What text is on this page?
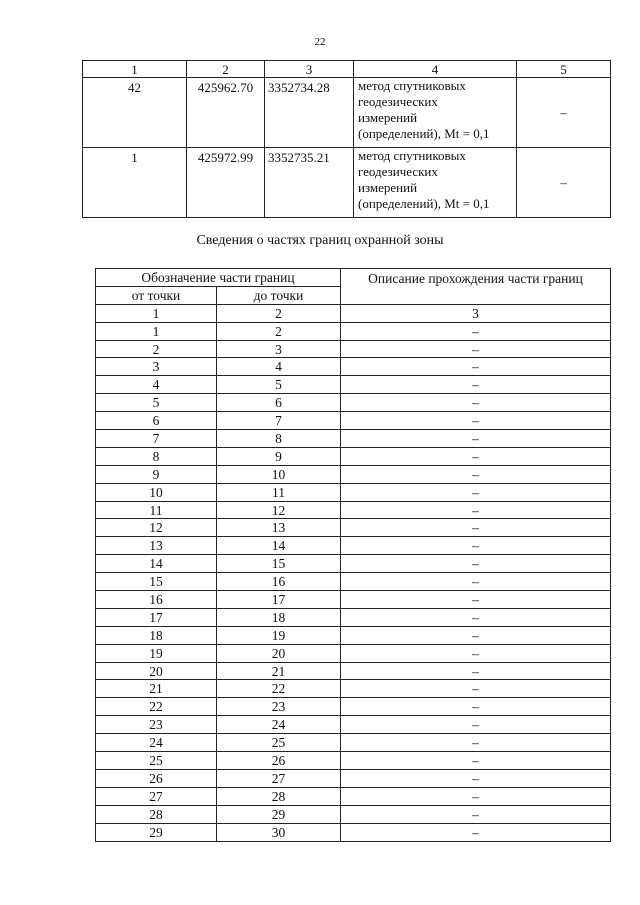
22
1	2	3	4	5
42	425962.70	3352734.28	метод спутниковых
геодезических
измерений
(определений), Mt = 0,1	–
1	425972.99	3352735.21	метод спутниковых
геодезических
измерений
(определений), Mt = 0,1	–
Сведения о частях границ охранной зоны
Обозначение части границ		Описание прохождения части границ
от точки	до точки	
1	2	3
1	2	–
2	3	–
3	4	–
4	5	–
5	6	–
6	7	–
7	8	–
8	9	–
9	10	–
10	11	–
11	12	–
12	13	–
13	14	–
14	15	–
15	16	–
16	17	–
17	18	–
18	19	–
19	20	–
20	21	–
21	22	–
22	23	–
23	24	–
24	25	–
25	26	–
26	27	–
27	28	–
28	29	–
29	30	–
